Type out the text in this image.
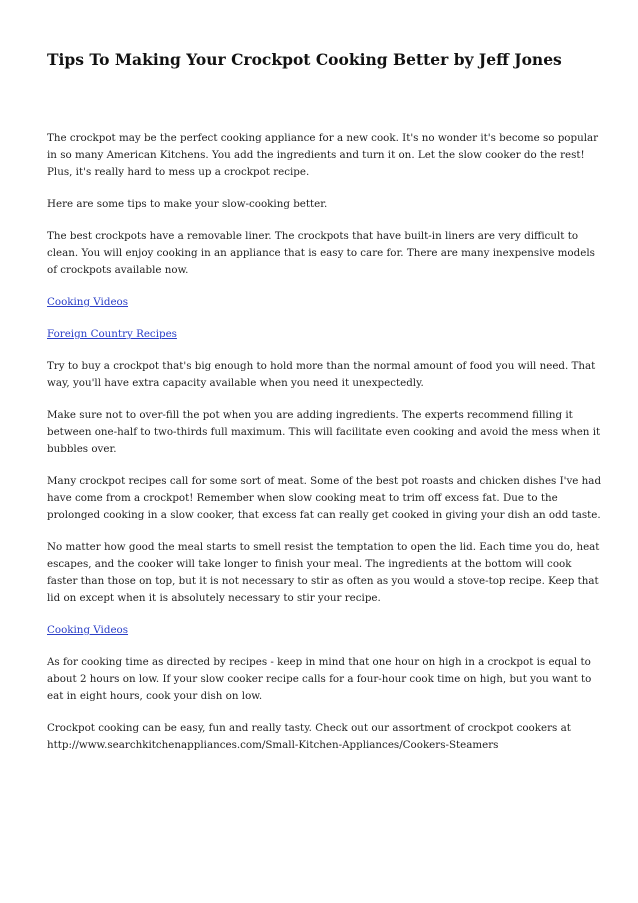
Tips To Making Your Crockpot Cooking Better by Jeff Jones

The crockpot may be the perfect cooking appliance for a new cook. It's no wonder it's become so popular in so many American Kitchens. You add the ingredients and turn it on. Let the slow cooker do the rest! Plus, it's really hard to mess up a crockpot recipe.

Here are some tips to make your slow-cooking better.

The best crockpots have a removable liner. The crockpots that have built-in liners are very difficult to clean. You will enjoy cooking in an appliance that is easy to care for. There are many inexpensive models of crockpots available now.

Cooking Videos

Foreign Country Recipes

Try to buy a crockpot that's big enough to hold more than the normal amount of food you will need. That way, you'll have extra capacity available when you need it unexpectedly.

Make sure not to over-fill the pot when you are adding ingredients. The experts recommend filling it between one-half to two-thirds full maximum. This will facilitate even cooking and avoid the mess when it bubbles over.

Many crockpot recipes call for some sort of meat. Some of the best pot roasts and chicken dishes I've had have come from a crockpot! Remember when slow cooking meat to trim off excess fat. Due to the prolonged cooking in a slow cooker, that excess fat can really get cooked in giving your dish an odd taste.

No matter how good the meal starts to smell resist the temptation to open the lid. Each time you do, heat escapes, and the cooker will take longer to finish your meal. The ingredients at the bottom will cook faster than those on top, but it is not necessary to stir as often as you would a stove-top recipe. Keep that lid on except when it is absolutely necessary to stir your recipe.

Cooking Videos

As for cooking time as directed by recipes - keep in mind that one hour on high in a crockpot is equal to about 2 hours on low. If your slow cooker recipe calls for a four-hour cook time on high, but you want to eat in eight hours, cook your dish on low.

Crockpot cooking can be easy, fun and really tasty. Check out our assortment of crockpot cookers at http://www.searchkitchenappliances.com/Small-Kitchen-Appliances/Cookers-Steamers
